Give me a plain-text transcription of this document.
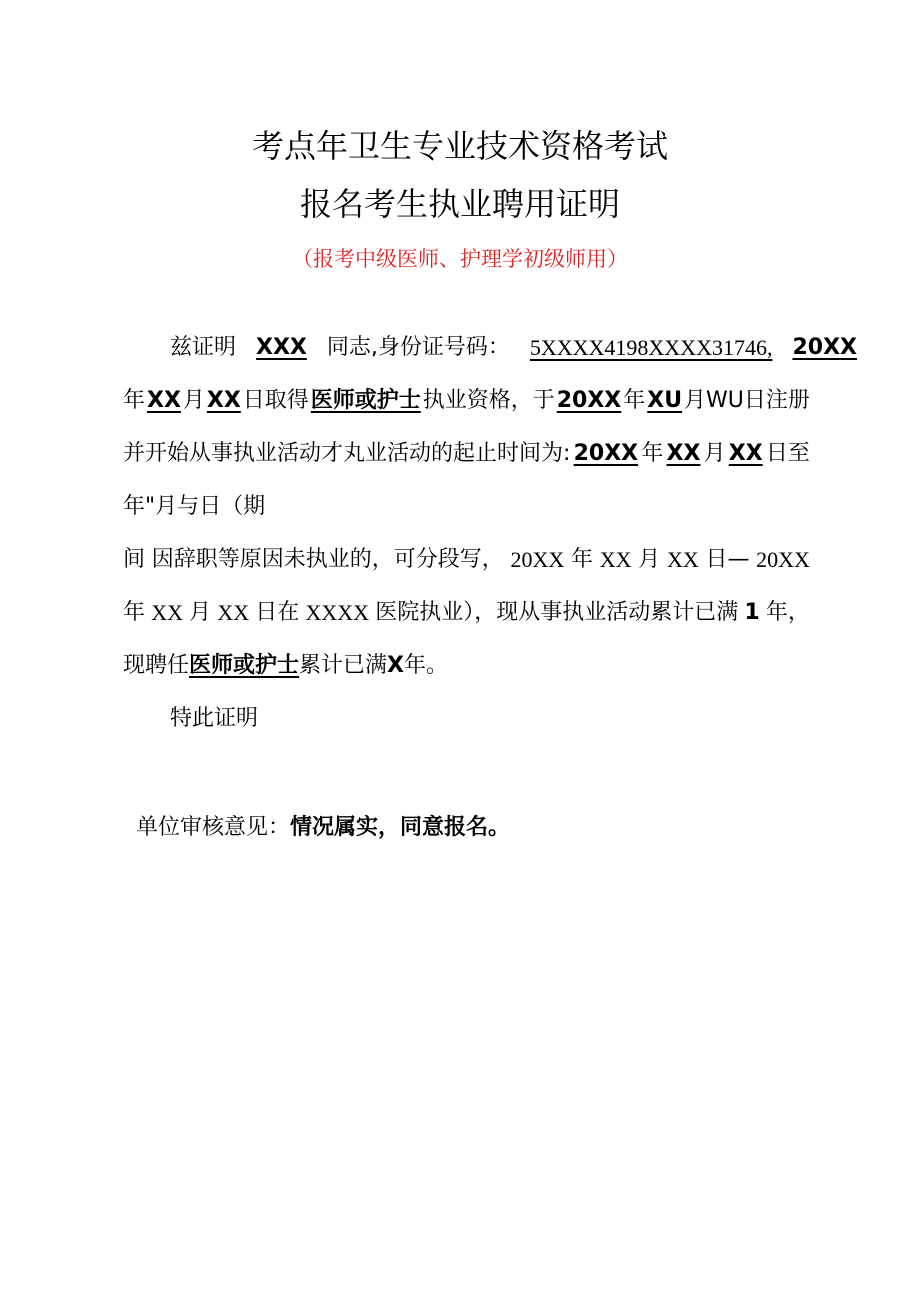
考点年卫生专业技术资格考试
报名考生执业聘用证明
（报考中级医师、护理学初级师用）
兹证明 XXX 同志,身份证号码： 5XXXX4198XXXX31746, 20XX
年 XX 月 XX 日取得 医师或护士 执业资格，于 20XX 年 XU 月WU日注册
并开始从事执业活动才丸业活动的起止时间为: 20XX 年 XX 月 XX 日至
年"月与日（期
间 因辞职等原因未执业的，可分段写， 20XX 年 XX 月 XX 日— 20XX
年 XX 月 XX 日在 XXXX 医院执业），现从事执业活动累计已满 1 年，
现聘任医师或护士累计已满X年。
特此证明
单位审核意见：情况属实，同意报名。
